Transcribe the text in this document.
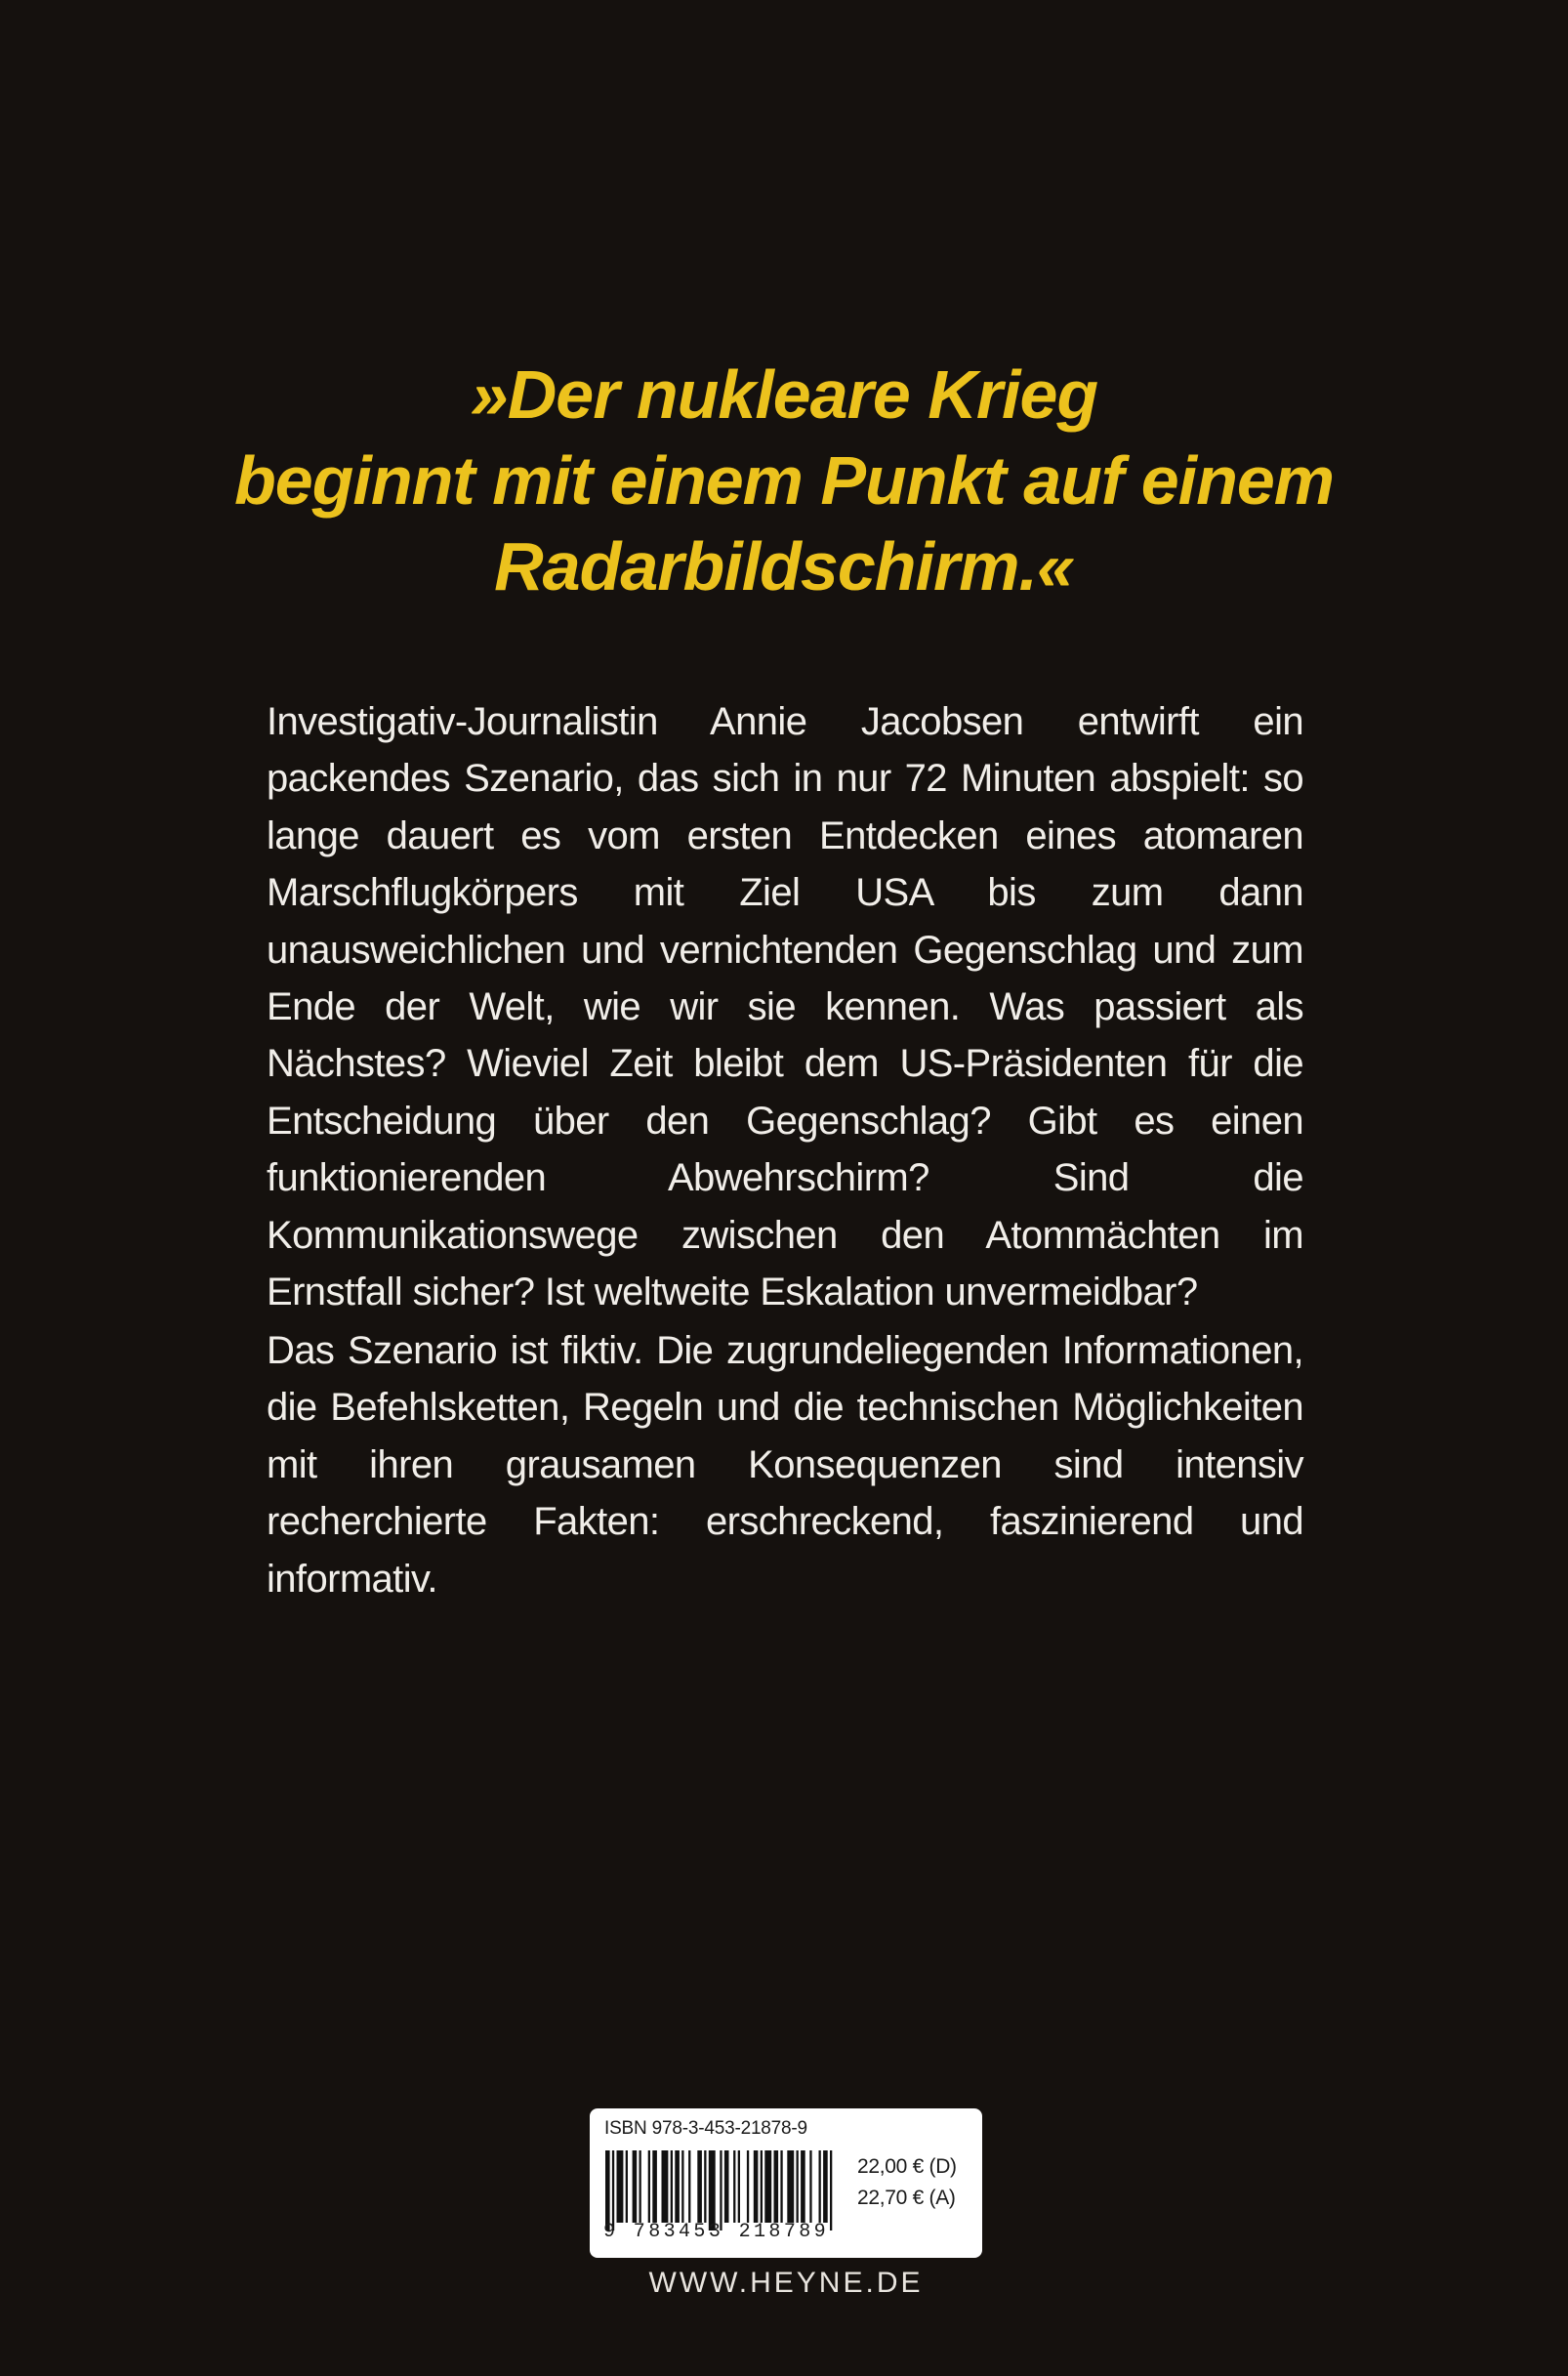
»Der nukleare Krieg
beginnt mit einem Punkt auf einem
Radarbildschirm.«
Investigativ-Journalistin Annie Jacobsen entwirft ein packendes Szenario, das sich in nur 72 Minuten abspielt: so lange dauert es vom ersten Entdecken eines atomaren Marschflugkörpers mit Ziel USA bis zum dann unausweichlichen und vernichtenden Gegenschlag und zum Ende der Welt, wie wir sie kennen. Was passiert als Nächstes? Wieviel Zeit bleibt dem US-Präsidenten für die Entscheidung über den Gegenschlag? Gibt es einen funktionierenden Abwehrschirm? Sind die Kommunikationswege zwischen den Atommächten im Ernstfall sicher? Ist weltweite Eskalation unvermeidbar?
Das Szenario ist fiktiv. Die zugrundeliegenden Informationen, die Befehlsketten, Regeln und die technischen Möglichkeiten mit ihren grausamen Konsequenzen sind intensiv recherchierte Fakten: erschreckend, faszinierend und informativ.
ISBN 978-3-453-21878-9
9 783453 218789
22,00 € (D)
22,70 € (A)
WWW.HEYNE.DE
